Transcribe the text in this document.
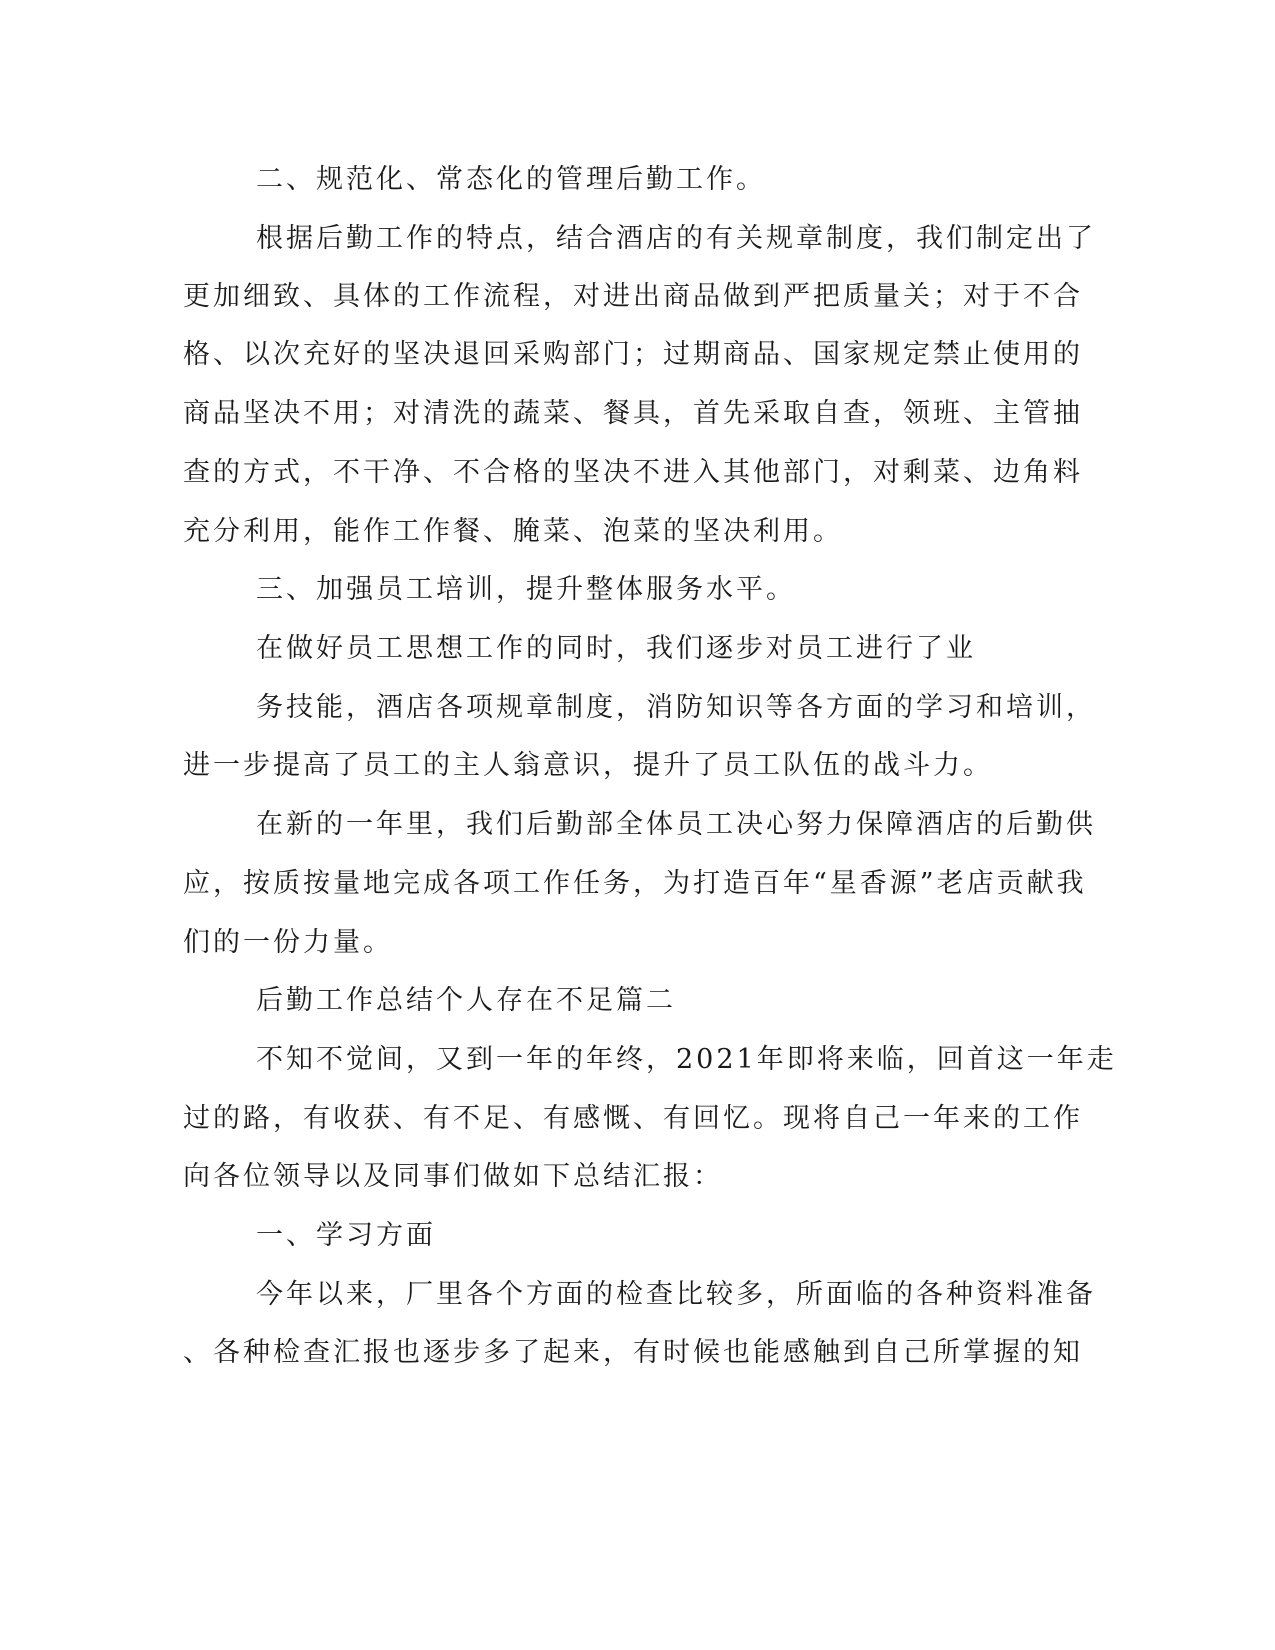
二、规范化、常态化的管理后勤工作。

根据后勤工作的特点，结合酒店的有关规章制度，我们制定出了

更加细致、具体的工作流程，对进出商品做到严把质量关；对于不合

格、以次充好的坚决退回采购部门；过期商品、国家规定禁止使用的

商品坚决不用；对清洗的蔬菜、餐具，首先采取自查，领班、主管抽

查的方式，不干净、不合格的坚决不进入其他部门，对剩菜、边角料

充分利用，能作工作餐、腌菜、泡菜的坚决利用。

三、加强员工培训，提升整体服务水平。

在做好员工思想工作的同时，我们逐步对员工进行了业

务技能，酒店各项规章制度，消防知识等各方面的学习和培训，

进一步提高了员工的主人翁意识，提升了员工队伍的战斗力。

在新的一年里，我们后勤部全体员工决心努力保障酒店的后勤供

应，按质按量地完成各项工作任务，为打造百年“星香源”老店贡献我

们的一份力量。

后勤工作总结个人存在不足篇二

不知不觉间，又到一年的年终，2021年即将来临，回首这一年走

过的路，有收获、有不足、有感慨、有回忆。现将自己一年来的工作

向各位领导以及同事们做如下总结汇报：

一、学习方面

今年以来，厂里各个方面的检查比较多，所面临的各种资料准备

、各种检查汇报也逐步多了起来，有时候也能感触到自己所掌握的知
